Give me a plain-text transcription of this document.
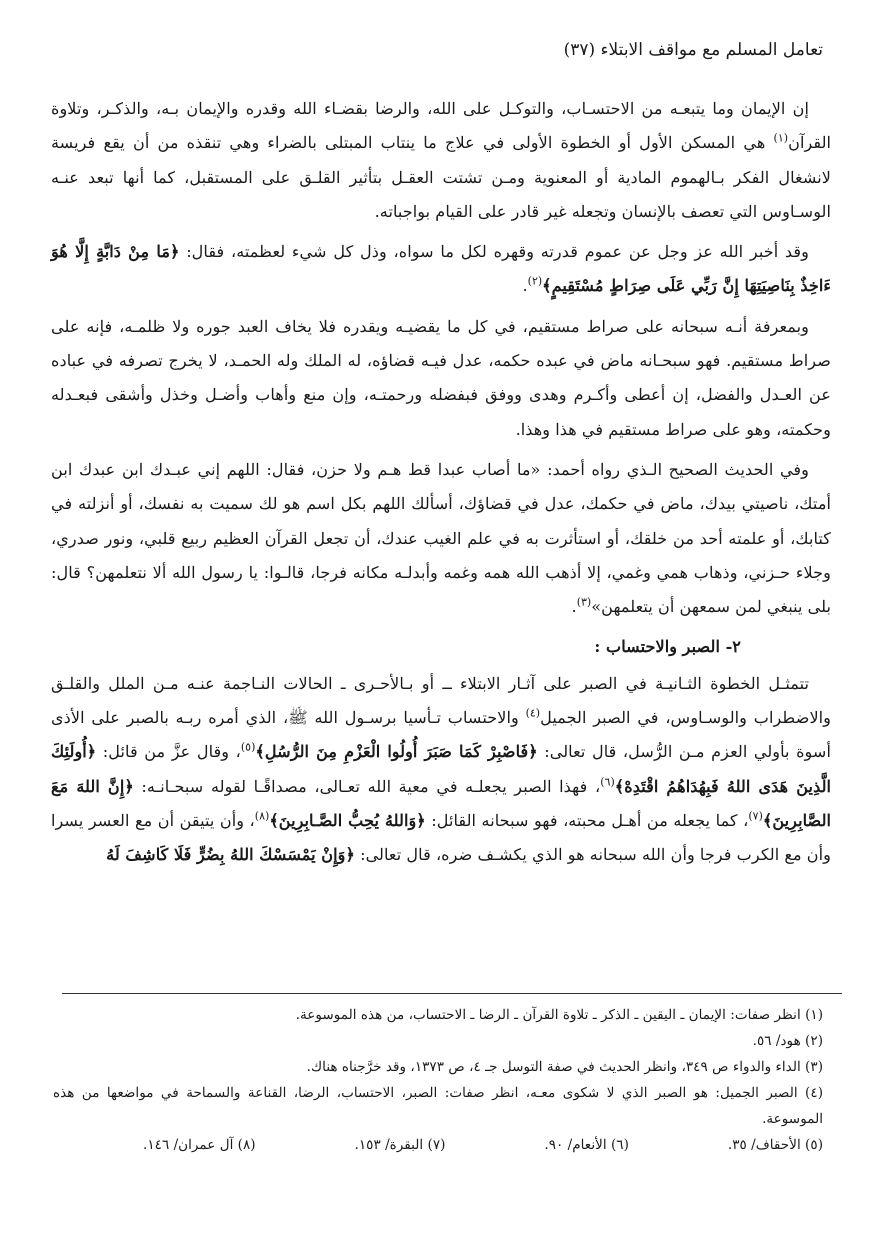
تعامل المسلم مع مواقف الابتلاء (٣٧)

إن الإيمان وما يتبعـه من الاحتسـاب، والتوكـل على الله، والرضا بقضـاء الله وقدره والإيمان بـه، والذكـر، وتلاوة القرآن$^{(١)}$ هي المسكن الأول أو الخطوة الأولى في علاج ما ينتاب المبتلى بالضراء وهي تنقذه من أن يقع فريسة لانشغال الفكر بـالهموم المادية أو المعنوية ومـن تشتت العقـل بتأثير القلـق على المستقبل، كما أنها تبعد عنـه الوسـاوس التي تعصف بالإنسان وتجعله غير قادر على القيام بواجباته.

وقد أخبر الله عز وجل عن عموم قدرته وقهره لكل ما سواه، وذل كل شيء لعظمته، فقال: ﴿مَا مِنْ دَابَّةٍ إِلَّا هُوَ ءَاخِذٌ بِنَاصِيَتِهَا إِنَّ رَبِّي عَلَى صِرَاطٍ مُسْتَقِيمٍ﴾$^{(٢)}$.

وبمعرفة أنـه سبحانه على صراط مستقيم، في كل ما يقضيـه ويقدره فلا يخاف العبد جوره ولا ظلمـه، فإنه على صراط مستقيم. فهو سبحـانه ماض في عبده حكمه، عدل فيـه قضاؤه، له الملك وله الحمـد، لا يخرج تصرفه في عباده عن العـدل والفضل، إن أعطى وأكـرم وهدى ووفق فبفضله ورحمتـه، وإن منع وأهاب وأضـل وخذل وأشقى فبعـدله وحكمته، وهو على صراط مستقيم في هذا وهذا.

وفي الحديث الصحيح الـذي رواه أحمد: «ما أصاب عبدا قط هـم ولا حزن، فقال: اللهم إني عبـدك ابن عبدك ابن أمتك، ناصيتي بيدك، ماض في حكمك، عدل في قضاؤك، أسألك اللهم بكل اسم هو لك سميت به نفسك، أو أنزلته في كتابك، أو علمته أحد من خلقك، أو استأثرت به في علم الغيب عندك، أن تجعل القرآن العظيم ربيع قلبي، ونور صدري، وجلاء حـزني، وذهاب همي وغمي، إلا أذهب الله همه وغمه وأبدلـه مكانه فرجا، قالـوا: يا رسول الله ألا نتعلمهن؟ قال: بلى ينبغي لمن سمعهن أن يتعلمهن»$^{(٣)}$.

٢- الصبر والاحتساب :

تتمثـل الخطوة الثـانيـة في الصبر على آثـار الابتلاء ــ أو بـالأحـرى ـ الحالات النـاجمة عنـه مـن الملل والقلـق والاضطراب والوسـاوس، في الصبر الجميل$^{(٤)}$ والاحتساب تـأسيا برسـول الله ﷺ، الذي أمره ربـه بالصبر على الأذى أسوة بأولي العزم مـن الرُّسل، قال تعالى: ﴿فَاصْبِرْ كَمَا صَبَرَ أُولُوا الْعَزْمِ مِنَ الرُّسُلِ﴾$^{(٥)}$، وقال عزَّ من قائل: ﴿أُولَئِكَ الَّذِينَ هَدَى اللهُ فَبِهُدَاهُمُ اقْتَدِهْ﴾$^{(٦)}$، فهذا الصبر يجعلـه في معية الله تعـالى، مصداقًـا لقوله سبحـانـه: ﴿إِنَّ اللهَ مَعَ الصَّابِرِينَ﴾$^{(٧)}$، كما يجعله من أهـل محبته، فهو سبحانه القائل: ﴿وَاللهُ يُحِبُّ الصَّـابِرِينَ﴾$^{(٨)}$، وأن يتيقن أن مع العسر يسرا وأن مع الكرب فرجا وأن الله سبحانه هو الذي يكشـف ضره، قال تعالى: ﴿وَإِنْ يَمْسَسْكَ اللهُ بِضُرٍّ فَلَا كَاشِفَ لَهُ

(١) انظر صفات: الإيمان ـ اليقين ـ الذكر ـ تلاوة القرآن ـ الرضا ـ الاحتساب، من هذه الموسوعة.

(٢) هود/ ٥٦.

(٣) الداء والدواء ص ٣٤٩، وانظر الحديث في صفة التوسل جـ ٤، ص ١٣٧٣، وقد خرَّجناه هناك.

(٤) الصبر الجميل: هو الصبر الذي لا شكوى معـه، انظر صفات: الصبر، الاحتساب، الرضا، القناعة والسماحة في مواضعها من هذه الموسوعة.

(٥) الأحقاف/ ٣٥.
(٦) الأنعام/ ٩٠.
(٧) البقرة/ ١٥٣.
(٨) آل عمران/ ١٤٦.
